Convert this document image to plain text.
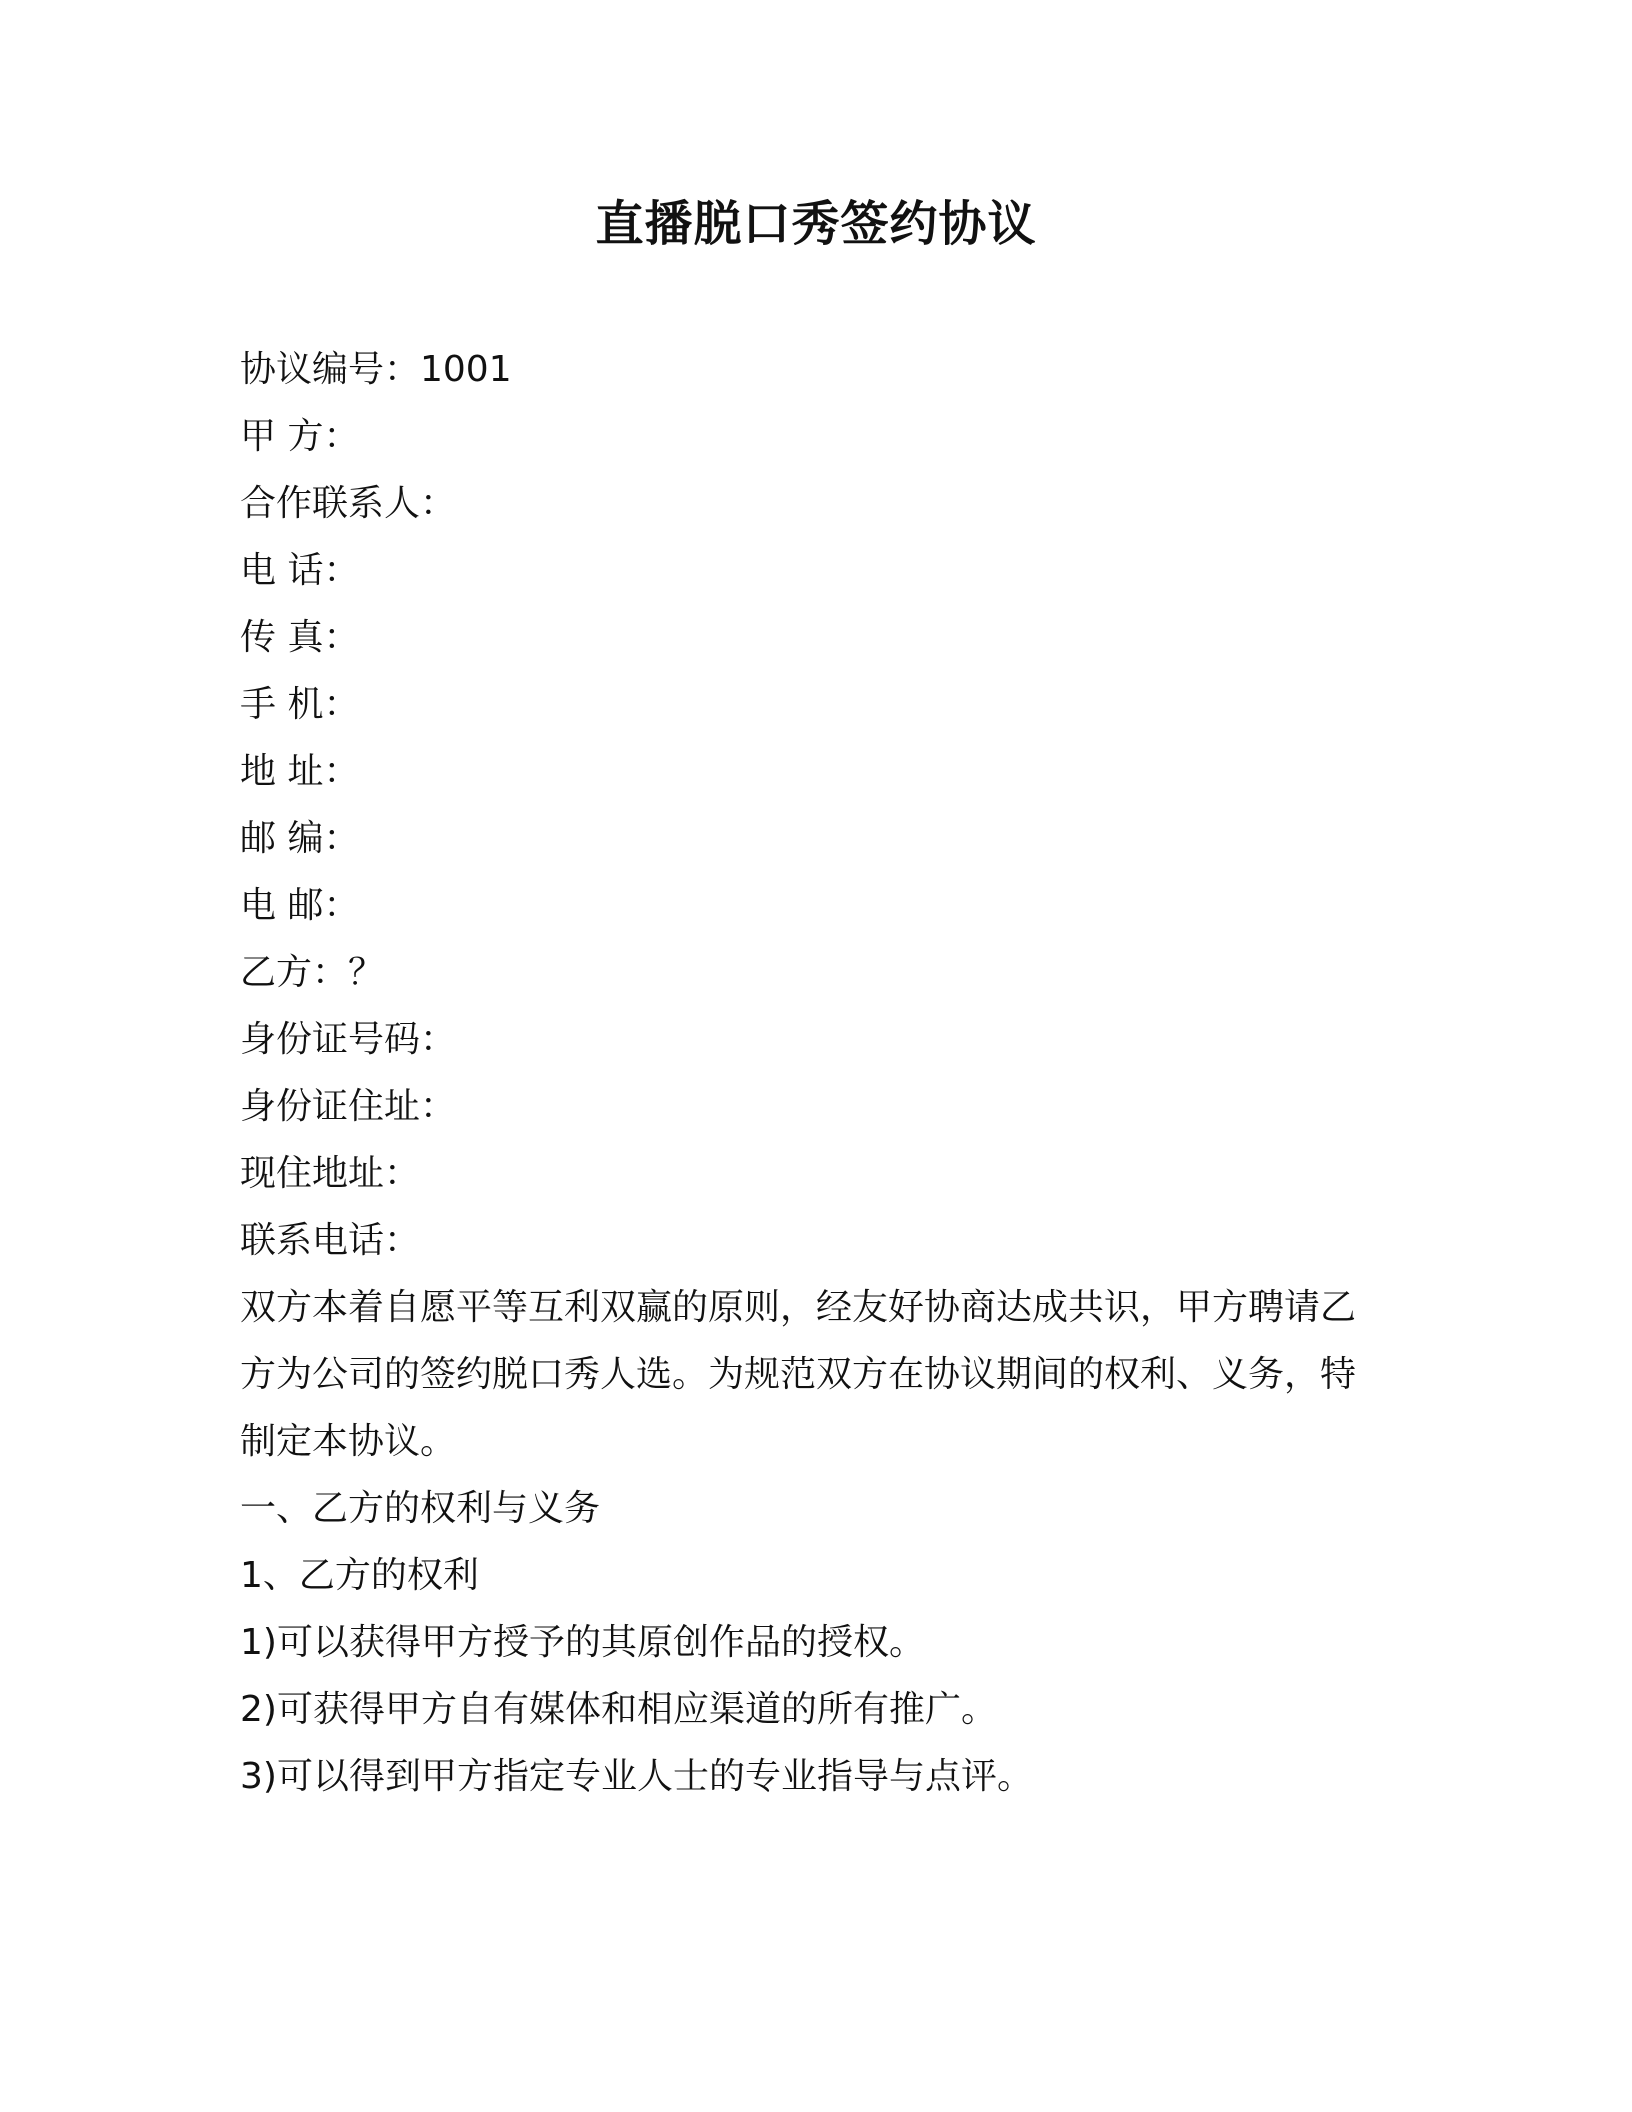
直播脱口秀签约协议
协议编号：1001
甲 方：
合作联系人：
电 话：
传 真：
手 机：
地 址：
邮 编：
电 邮：
乙方：？
身份证号码：
身份证住址：
现住地址：
联系电话：
双方本着自愿平等互利双赢的原则，经友好协商达成共识，甲方聘请乙方为公司的签约脱口秀人选。为规范双方在协议期间的权利、义务，特制定本协议。
一、乙方的权利与义务
1、乙方的权利
1)可以获得甲方授予的其原创作品的授权。
2)可获得甲方自有媒体和相应渠道的所有推广。
3)可以得到甲方指定专业人士的专业指导与点评。
